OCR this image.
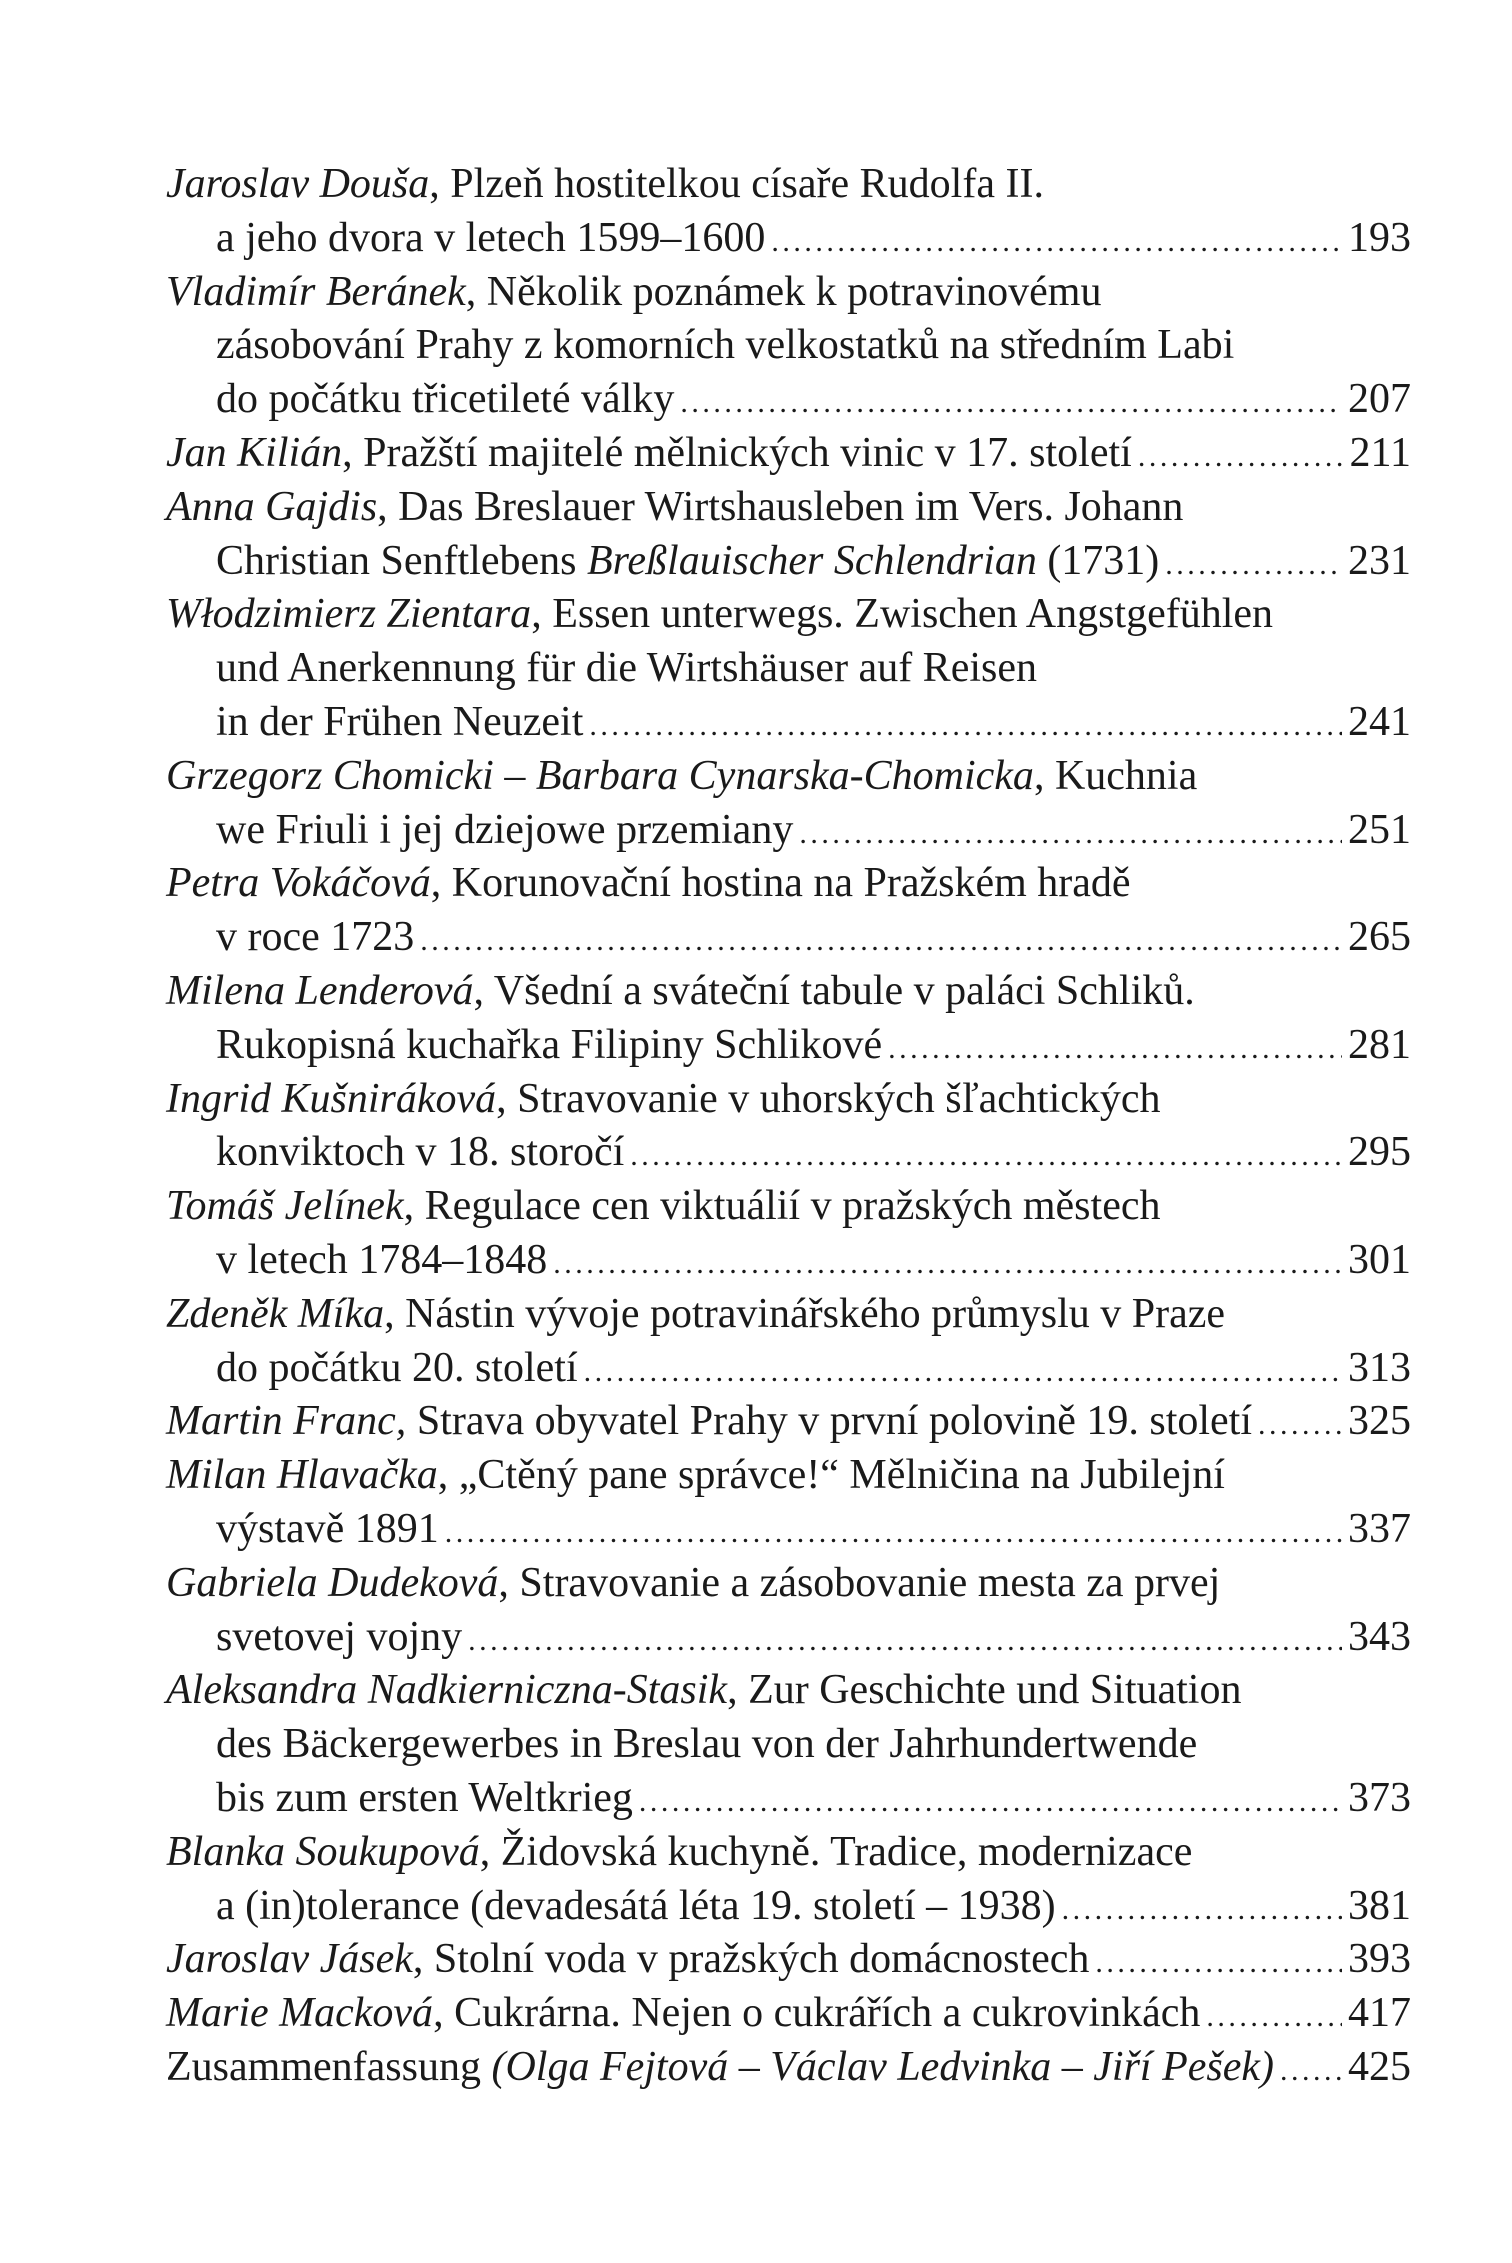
Jaroslav Douša , Plzeň hostitelkou císaře Rudolfa II.
a jeho dvora v letech 1599–1600 . . .	193
Vladimír Beránek , Několik poznámek k potravinovému
zásobování Prahy z komorních velkostatků na středním Labi
do počátku třicetileté války . . .	207
Jan Kilián , Pražští majitelé mělnických vinic v 17. století . . .	211
Anna Gajdis , Das Breslauer Wirtshausleben im Vers. Johann
Christian Senftlebens Breßlauischer Schlendrian (1731) . . .	231
Włodzimierz Zientara , Essen unterwegs. Zwischen Angstgefühlen
und Anerkennung für die Wirtshäuser auf Reisen
in der Frühen Neuzeit . . .	241
Grzegorz Chomicki – Barbara Cynarska-Chomicka , Kuchnia
we Friuli i jej dziejowe przemiany . . .	251
Petra Vokáčová , Korunovační hostina na Pražském hradě
v roce 1723 . . .	265
Milena Lenderová , Všední a sváteční tabule v paláci Schliků.
Rukopisná kuchařka Filipiny Schlikové . . .	281
Ingrid Kušniráková , Stravovanie v uhorských šľachtických
konviktoch v 18. storočí . . .	295
Tomáš Jelínek , Regulace cen viktuálií v pražských městech
v letech 1784–1848 . . .	301
Zdeněk Míka , Nástin vývoje potravinářského průmyslu v Praze
do počátku 20. století . . .	313
Martin Franc, Strava obyvatel Prahy v první polovině 19. století . . . 325
Milan Hlavačka , „Ctěný pane správce!“ Mělničina na Jubilejní
výstavě 1891 . . .	337
Gabriela Dudeková , Stravovanie a zásobovanie mesta za prvej
svetovej vojny . . .	343
Aleksandra Nadkierniczna-Stasik , Zur Geschichte und Situation
des Bäckergewerbes in Breslau von der Jahrhundertwende
bis zum ersten Weltkrieg . . .	373
Blanka Soukupová , Židovská kuchyně. Tradice, modernizace
a (in)tolerance (devadesátá léta 19. století – 1938) . . .	381
Jaroslav Jásek , Stolní voda v pražských domácnostech . . .	393
Marie Macková , Cukrárna. Nejen o cukrářích a cukrovinkách . . .	417
Zusammenfassung (Olga Fejtová – Václav Ledvinka – Jiří Pešek) . . . 425
